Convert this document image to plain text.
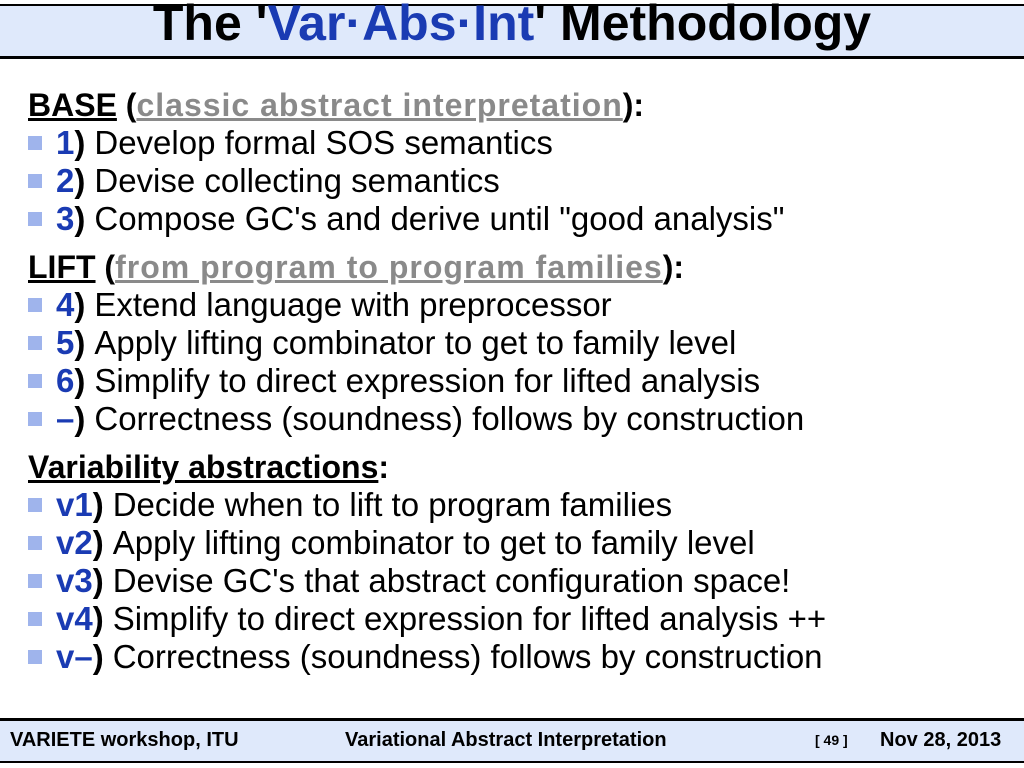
The 'Var·Abs·Int' Methodology
BASE (classic abstract interpretation):
1 ) Develop formal SOS semantics
2 ) Devise collecting semantics
3 ) Compose GC's and derive until "good analysis"
LIFT (from program to program families):
4 ) Extend language with preprocessor
5 ) Apply lifting combinator to get to family level
6 ) Simplify to direct expression for lifted analysis
– ) Correctness (soundness) follows by construction
Variability abstractions:
v1 ) Decide when to lift to program families
v2 ) Apply lifting combinator to get to family level
v3 ) Devise GC's that abstract configuration space!
v4 ) Simplify to direct expression for lifted analysis ++
v– ) Correctness (soundness) follows by construction
VARIETE workshop, ITU	Variational Abstract Interpretation	[ 49 ] Nov 28, 2013
